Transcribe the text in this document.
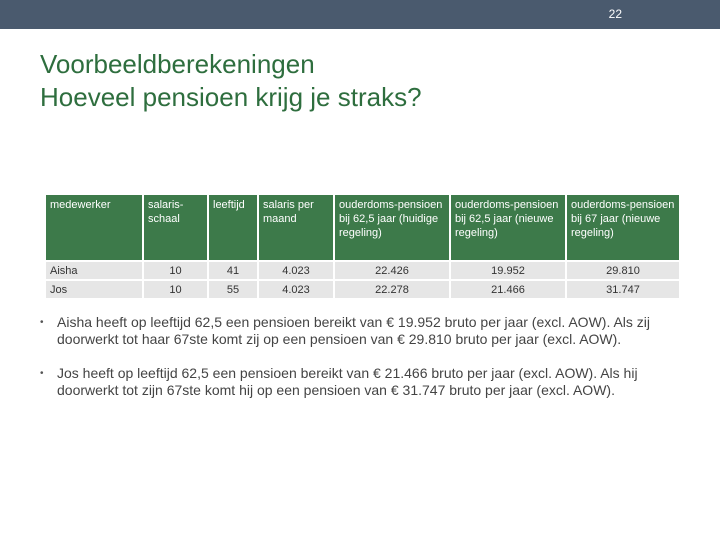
22
Voorbeeldberekeningen
Hoeveel pensioen krijg je straks?
medewerker	salaris-schaal	leeftijd	salaris per maand	ouderdoms-pensioen bij 62,5 jaar (huidige regeling)	ouderdoms-pensioen bij 62,5 jaar (nieuwe regeling)	ouderdoms-pensioen bij 67 jaar (nieuwe regeling)
Aisha	10	41	4.023	22.426	19.952	29.810
Jos	10	55	4.023	22.278	21.466	31.747
• Aisha heeft op leeftijd 62,5 een pensioen bereikt van € 19.952 bruto per jaar (excl. AOW). Als zij doorwerkt tot haar 67ste komt zij op een pensioen van € 29.810 bruto per jaar (excl. AOW).
• Jos heeft op leeftijd 62,5 een pensioen bereikt van € 21.466 bruto per jaar (excl. AOW). Als hij doorwerkt tot zijn 67ste komt hij op een pensioen van € 31.747 bruto per jaar (excl. AOW).
